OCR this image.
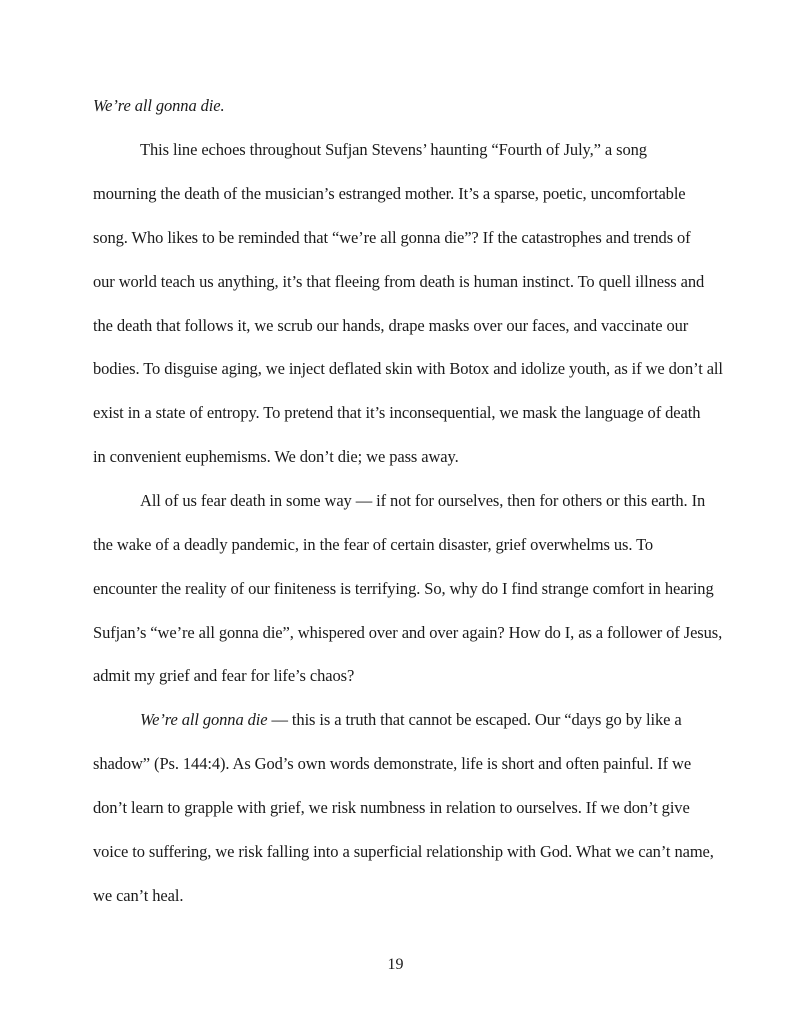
We’re all gonna die.
This line echoes throughout Sufjan Stevens’ haunting “Fourth of July,” a song
mourning the death of the musician’s estranged mother. It’s a sparse, poetic, uncomfortable
song. Who likes to be reminded that “we’re all gonna die”? If the catastrophes and trends of
our world teach us anything, it’s that fleeing from death is human instinct. To quell illness and
the death that follows it, we scrub our hands, drape masks over our faces, and vaccinate our
bodies. To disguise aging, we inject deflated skin with Botox and idolize youth, as if we don’t all
exist in a state of entropy. To pretend that it’s inconsequential, we mask the language of death
in convenient euphemisms. We don’t die; we pass away.
All of us fear death in some way — if not for ourselves, then for others or this earth. In
the wake of a deadly pandemic, in the fear of certain disaster, grief overwhelms us. To
encounter the reality of our finiteness is terrifying. So, why do I find strange comfort in hearing
Sufjan’s “we’re all gonna die”, whispered over and over again? How do I, as a follower of Jesus,
admit my grief and fear for life’s chaos?
We’re all gonna die — this is a truth that cannot be escaped. Our “days go by like a
shadow” (Ps. 144:4). As God’s own words demonstrate, life is short and often painful. If we
don’t learn to grapple with grief, we risk numbness in relation to ourselves. If we don’t give
voice to suffering, we risk falling into a superficial relationship with God. What we can’t name,
we can’t heal.
19
